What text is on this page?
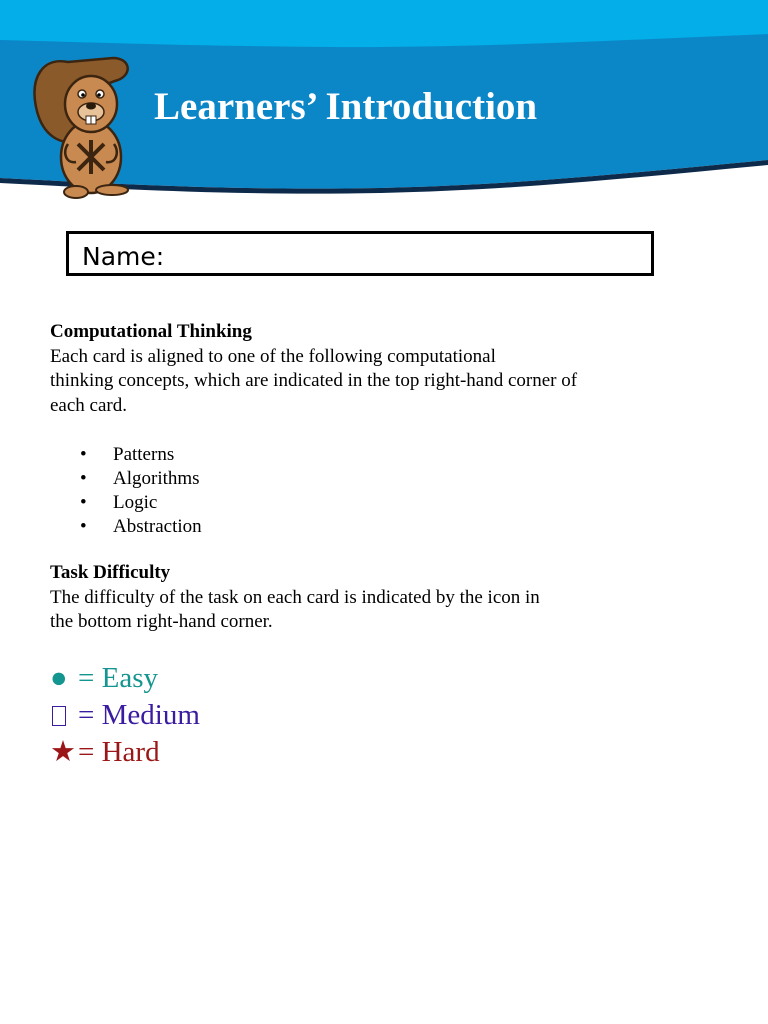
Learners’ Introduction
Name:
Computational Thinking
Each card is aligned to one of the following computational
thinking concepts, which are indicated in the top right-hand corner of
each card.
• Patterns
• Algorithms
• Logic
• Abstraction
Task Difficulty
The difficulty of the task on each card is indicated by the icon in
the bottom right-hand corner.
● = Easy
= Medium
★ = Hard
